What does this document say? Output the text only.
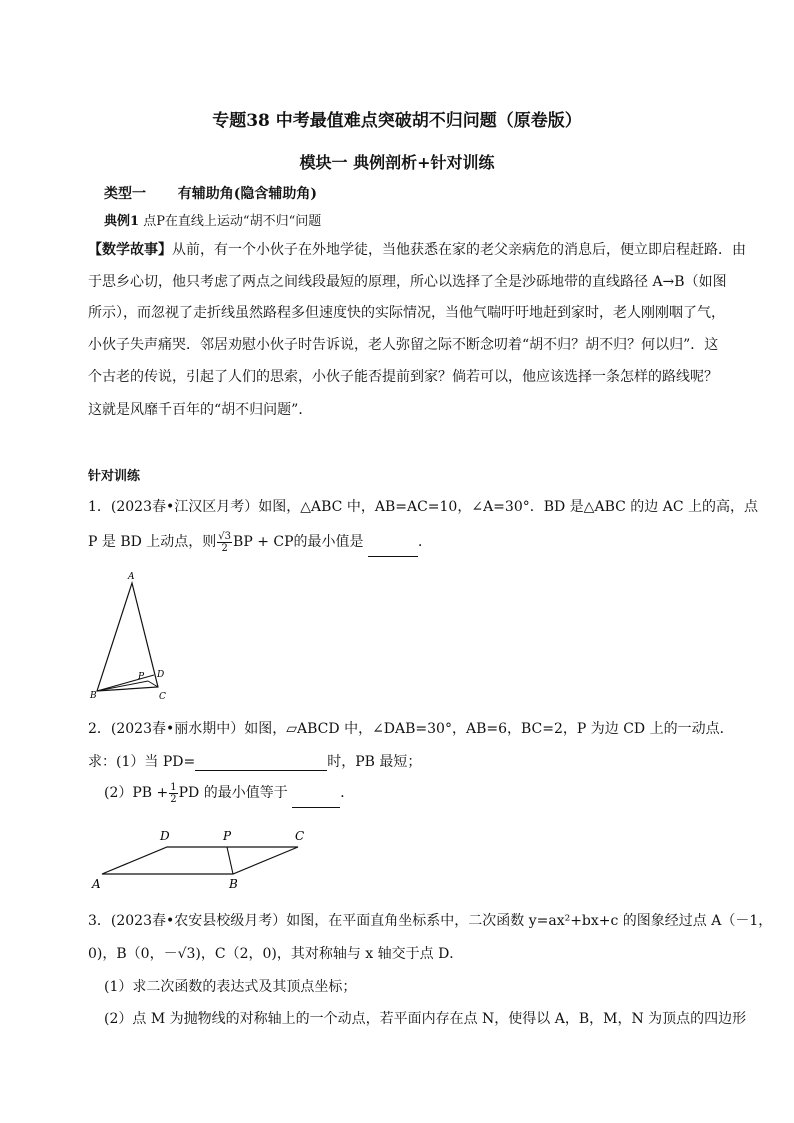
专题38 中考最值难点突破胡不归问题（原卷版）
模块一 典例剖析+针对训练
类型一 有辅助角(隐含辅助角)
典例1 点P在直线上运动“胡不归“问题
【数学故事】从前，有一个小伙子在外地学徒，当他获悉在家的老父亲病危的消息后，便立即启程赶路．由
于思乡心切，他只考虑了两点之间线段最短的原理，所心以选择了全是沙砾地带的直线路径 A→B（如图
所示），而忽视了走折线虽然路程多但速度快的实际情况，当他气喘吁吁地赶到家时，老人刚刚咽了气，
小伙子失声痛哭．邻居劝慰小伙子时告诉说，老人弥留之际不断念叨着“胡不归？胡不归？何以归”．这
个古老的传说，引起了人们的思索，小伙子能否提前到家？倘若可以，他应该选择一条怎样的路线呢？
这就是风靡千百年的“胡不归问题”．
针对训练
1．(2023春•江汉区月考）如图，△ABC 中，AB=AC=10，∠A=30°．BD 是△ABC 的边 AC 上的高，点
P 是 BD 上动点，则 $\frac{√3}{2}$ BP + CP的最小值是	．
A
B	C
D
P
2．(2023春•丽水期中）如图，▱ABCD 中，∠DAB=30°，AB=6，BC=2，P 为边 CD 上的一动点．
求：(1）当 PD=	时，PB 最短；
$(2)PB + \frac{1}{2}$ PD 的最小值等于	．
D	P	C
A	B
3．(2023春•农安县校级月考）如图，在平面直角坐标系中，二次函数 y=ax²+bx+c 的图象经过点 A（－1，
0)，B（0，－√3)，C（2，0)，其对称轴与 x 轴交于点 D．
(1）求二次函数的表达式及其顶点坐标；
(2）点 M 为抛物线的对称轴上的一个动点，若平面内存在点 N，使得以 A，B，M，N 为顶点的四边形
